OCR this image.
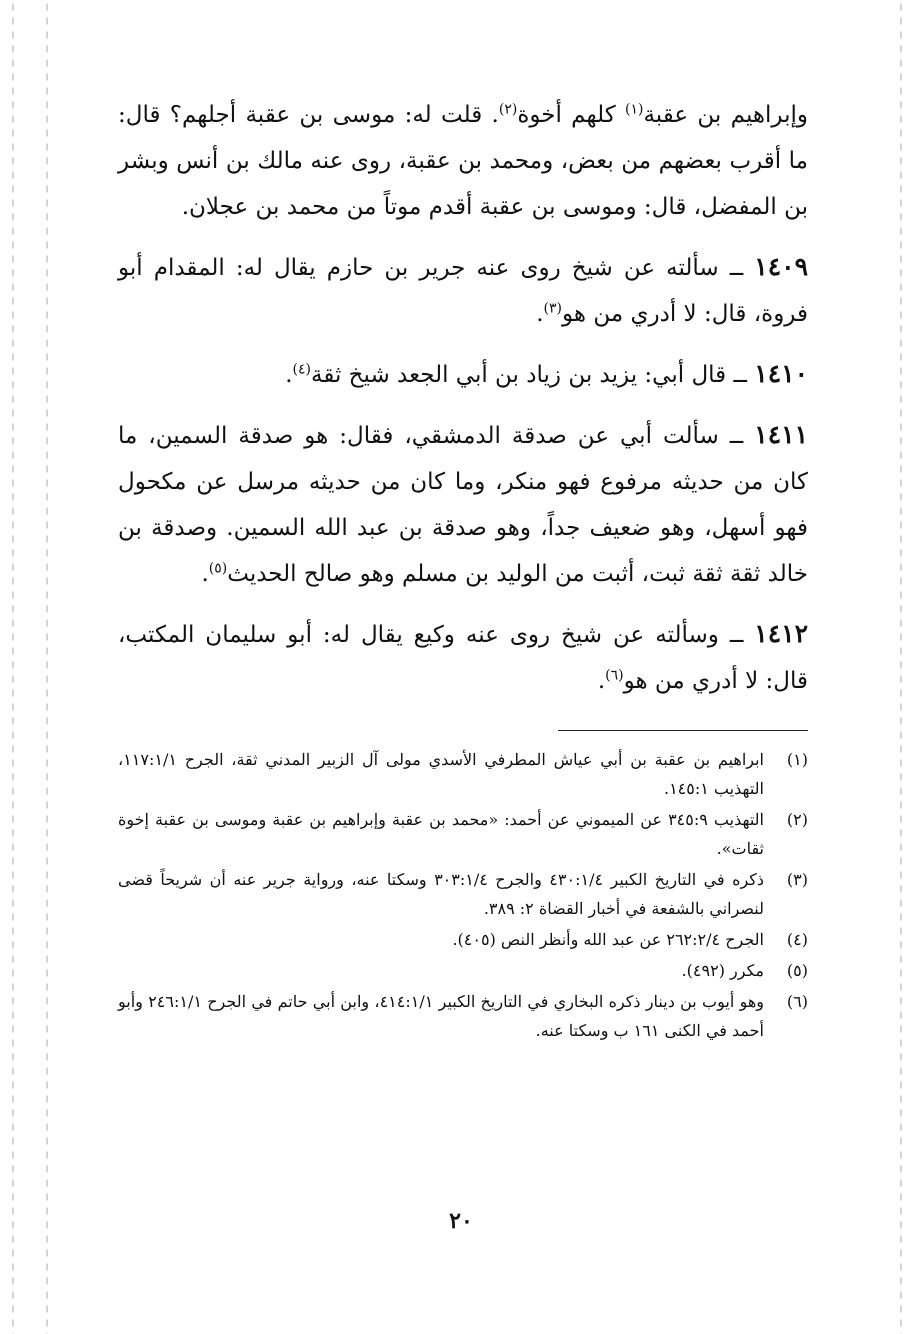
وإبراهيم بن عقبة$^{(١)}$ كلهم أخوة$^{(٢)}$. قلت له: موسى بن عقبة أجلهم؟ قال: ما أقرب بعضهم من بعض، ومحمد بن عقبة، روى عنه مالك بن أنس وبشر بن المفضل، قال: وموسى بن عقبة أقدم موتاً من محمد بن عجلان.

١٤٠٩ ــ سألته عن شيخ روى عنه جرير بن حازم يقال له: المقدام أبو فروة، قال: لا أدري من هو$^{(٣)}$.

١٤١٠ ــ قال أبي: يزيد بن زياد بن أبي الجعد شيخ ثقة$^{(٤)}$.

١٤١١ ــ سألت أبي عن صدقة الدمشقي، فقال: هو صدقة السمين، ما كان من حديثه مرفوع فهو منكر، وما كان من حديثه مرسل عن مكحول فهو أسهل، وهو ضعيف جداً، وهو صدقة بن عبد الله السمين. وصدقة بن خالد ثقة ثقة ثبت، أثبت من الوليد بن مسلم وهو صالح الحديث$^{(٥)}$.

١٤١٢ ــ وسألته عن شيخ روى عنه وكيع يقال له: أبو سليمان المكتب، قال: لا أدري من هو$^{(٦)}$.

(١)
ابراهيم بن عقبة بن أبي عياش المطرفي الأسدي مولى آل الزبير المدني ثقة، الجرح ١١٧:١/١، التهذيب ١٤٥:١.
(٢)
التهذيب ٣٤٥:٩ عن الميموني عن أحمد: «محمد بن عقبة وإبراهيم بن عقبة وموسى بن عقبة إخوة ثقات».
(٣)
ذكره في التاريخ الكبير ٤٣٠:١/٤ والجرح ٣٠٣:١/٤ وسكتا عنه، ورواية جرير عنه أن شريحاً قضى لنصراني بالشفعة في أخبار القضاة ٢: ٣٨٩.
(٤)
الجرح ٢٦٢:٢/٤ عن عبد الله وأنظر النص (٤٠٥).
(٥)
مكرر (٤٩٢).
(٦)
وهو أيوب بن دينار ذكره البخاري في التاريخ الكبير ٤١٤:١/١، وابن أبي حاتم في الجرح ٢٤٦:١/١ وأبو أحمد في الكنى ١٦١ ب وسكتا عنه.
٢٠
